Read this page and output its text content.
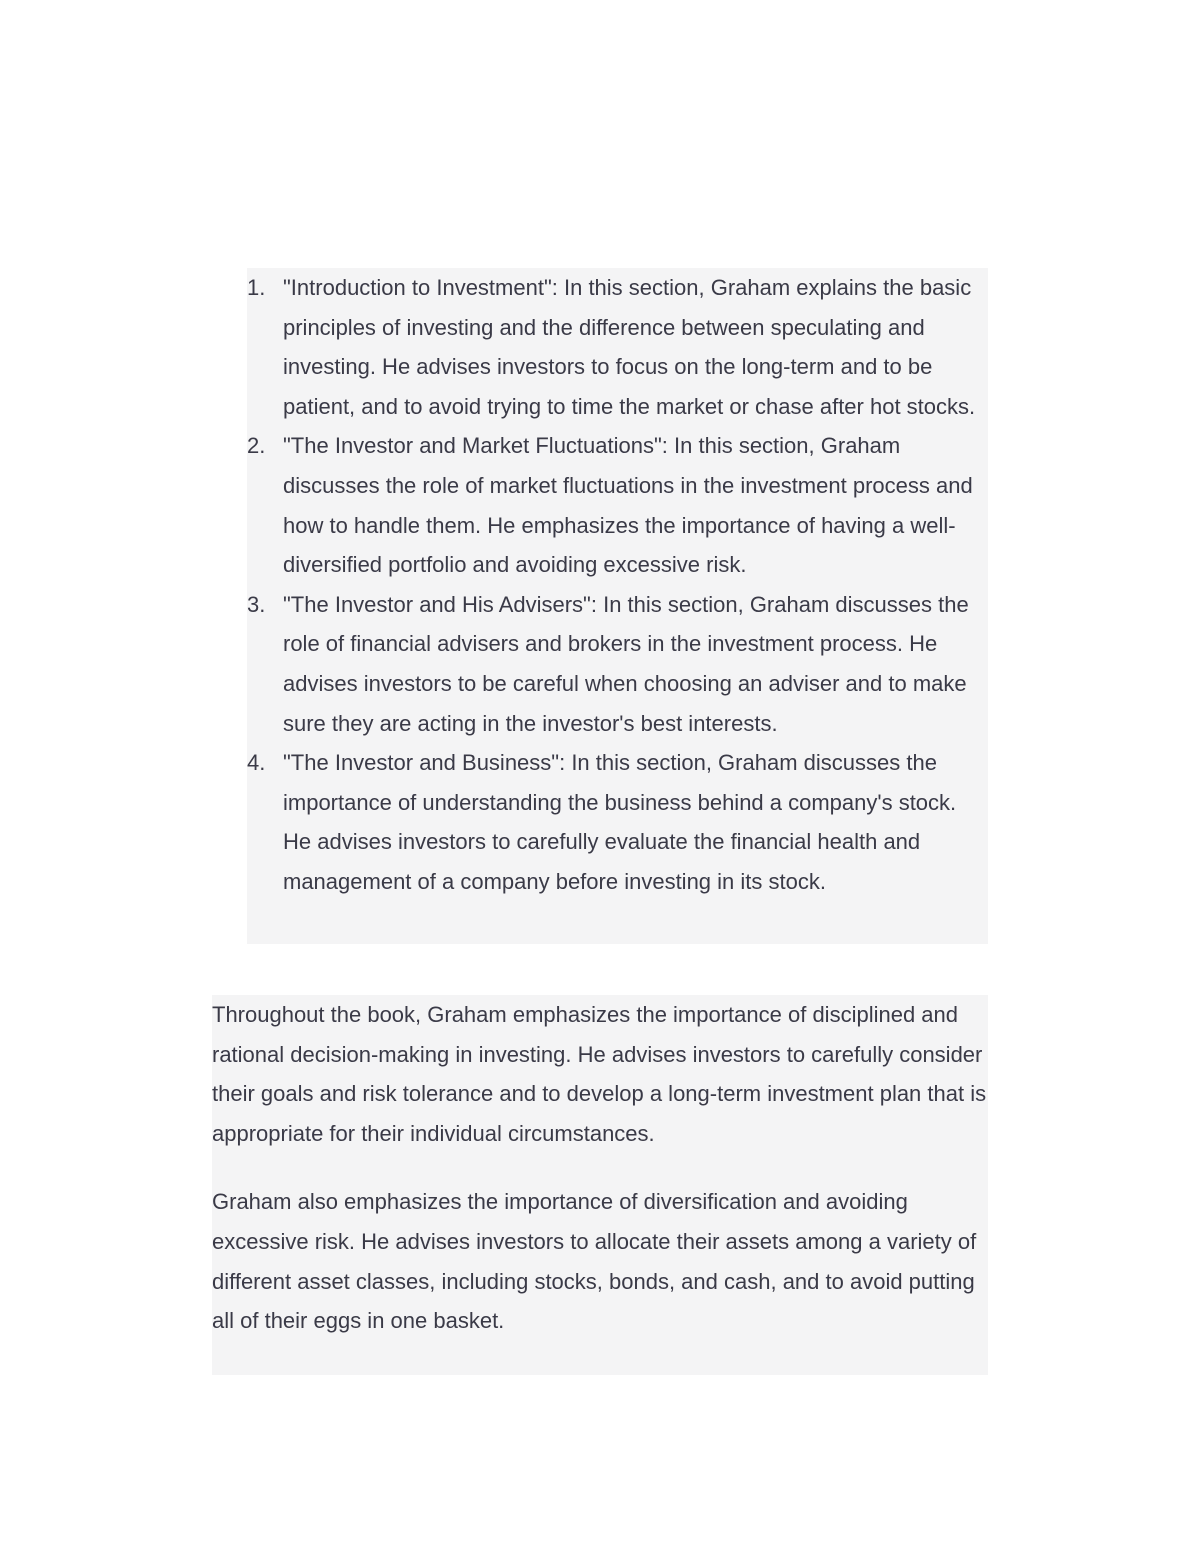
1. "Introduction to Investment": In this section, Graham explains the basic principles of investing and the difference between speculating and investing. He advises investors to focus on the long-term and to be patient, and to avoid trying to time the market or chase after hot stocks.
2. "The Investor and Market Fluctuations": In this section, Graham discusses the role of market fluctuations in the investment process and how to handle them. He emphasizes the importance of having a well-diversified portfolio and avoiding excessive risk.
3. "The Investor and His Advisers": In this section, Graham discusses the role of financial advisers and brokers in the investment process. He advises investors to be careful when choosing an adviser and to make sure they are acting in the investor's best interests.
4. "The Investor and Business": In this section, Graham discusses the importance of understanding the business behind a company's stock. He advises investors to carefully evaluate the financial health and management of a company before investing in its stock.

Throughout the book, Graham emphasizes the importance of disciplined and rational decision-making in investing. He advises investors to carefully consider their goals and risk tolerance and to develop a long-term investment plan that is appropriate for their individual circumstances.

Graham also emphasizes the importance of diversification and avoiding excessive risk. He advises investors to allocate their assets among a variety of different asset classes, including stocks, bonds, and cash, and to avoid putting all of their eggs in one basket.
